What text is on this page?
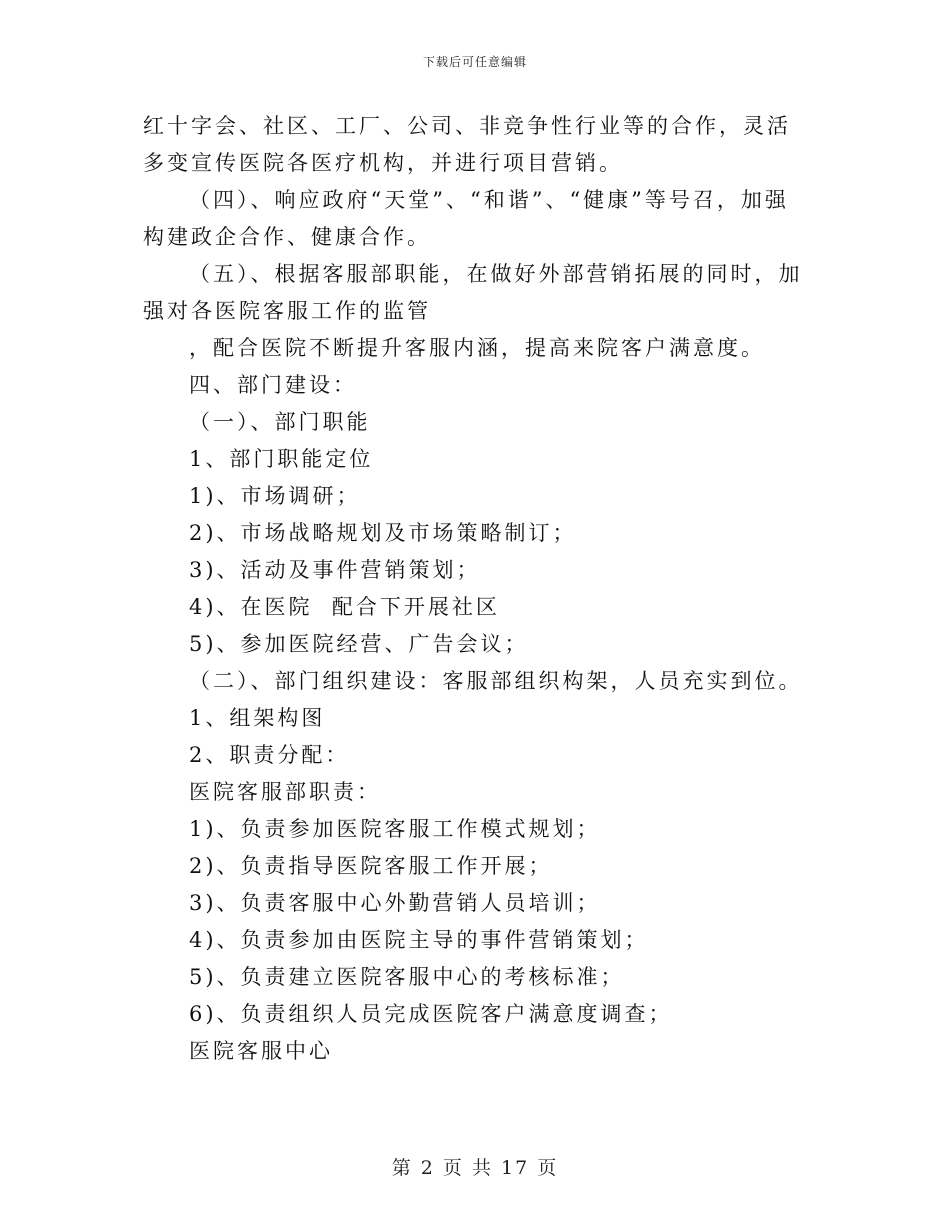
下载后可任意编辑

红十字会、社区、工厂、公司、非竞争性行业等的合作，灵活多变宣传医院各医疗机构，并进行项目营销。

（四）、响应政府“天堂”、“和谐”、“健康”等号召，加强构建政企合作、健康合作。

（五）、根据客服部职能，在做好外部营销拓展的同时，加强对各医院客服工作的监管

，配合医院不断提升客服内涵，提高来院客户满意度。

四、部门建设：

（一）、部门职能

1、部门职能定位

1)、市场调研；

2)、市场战略规划及市场策略制订；

3)、活动及事件营销策划；

4)、在医院  配合下开展社区

5)、参加医院经营、广告会议；

（二）、部门组织建设：客服部组织构架，人员充实到位。

1、组架构图

2、职责分配：

医院客服部职责：

1)、负责参加医院客服工作模式规划；

2)、负责指导医院客服工作开展；

3)、负责客服中心外勤营销人员培训；

4)、负责参加由医院主导的事件营销策划；

5)、负责建立医院客服中心的考核标准；

6)、负责组织人员完成医院客户满意度调查；

医院客服中心

第 2 页 共 17 页
